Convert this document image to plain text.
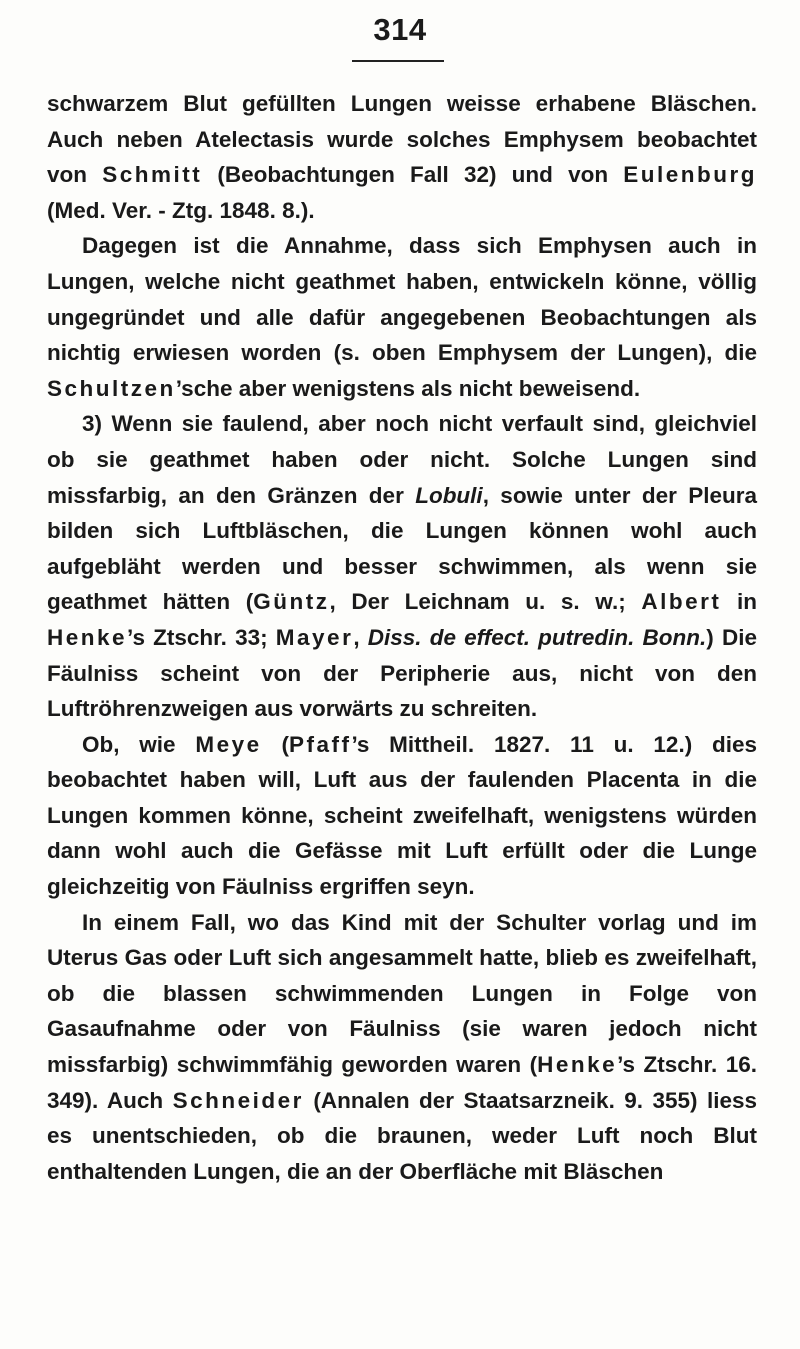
314

schwarzem Blut gefüllten Lungen weisse erhabene Bläschen. Auch neben Atelectasis wurde solches Emphysem beobachtet von Schmitt (Beobachtungen Fall 32) und von Eulenburg (Med. Ver. - Ztg. 1848. 8.).

Dagegen ist die Annahme, dass sich Emphysen auch in Lungen, welche nicht geathmet haben, entwickeln könne, völlig ungegründet und alle dafür angegebenen Beobachtungen als nichtig erwiesen worden (s. oben Emphysem der Lungen), die Schultzen’sche aber wenigstens als nicht beweisend.

3) Wenn sie faulend, aber noch nicht verfault sind, gleichviel ob sie geathmet haben oder nicht. Solche Lungen sind missfarbig, an den Gränzen der Lobuli, sowie unter der Pleura bilden sich Luftbläschen, die Lungen können wohl auch aufgebläht werden und besser schwimmen, als wenn sie geathmet hätten (Güntz, Der Leichnam u. s. w.; Albert in Henke’s Ztschr. 33; Mayer, Diss. de effect. putredin. Bonn.) Die Fäulniss scheint von der Peripherie aus, nicht von den Luftröhrenzweigen aus vorwärts zu schreiten.

Ob, wie Meye (Pfaff’s Mittheil. 1827. 11 u. 12.) dies beobachtet haben will, Luft aus der faulenden Placenta in die Lungen kommen könne, scheint zweifelhaft, wenigstens würden dann wohl auch die Gefässe mit Luft erfüllt oder die Lunge gleichzeitig von Fäulniss ergriffen seyn.

In einem Fall, wo das Kind mit der Schulter vorlag und im Uterus Gas oder Luft sich angesammelt hatte, blieb es zweifelhaft, ob die blassen schwimmenden Lungen in Folge von Gasaufnahme oder von Fäulniss (sie waren jedoch nicht missfarbig) schwimmfähig geworden waren (Henke’s Ztschr. 16. 349). Auch Schneider (Annalen der Staatsarzneik. 9. 355) liess es unentschieden, ob die braunen, weder Luft noch Blut enthaltenden Lungen, die an der Oberfläche mit Bläschen
